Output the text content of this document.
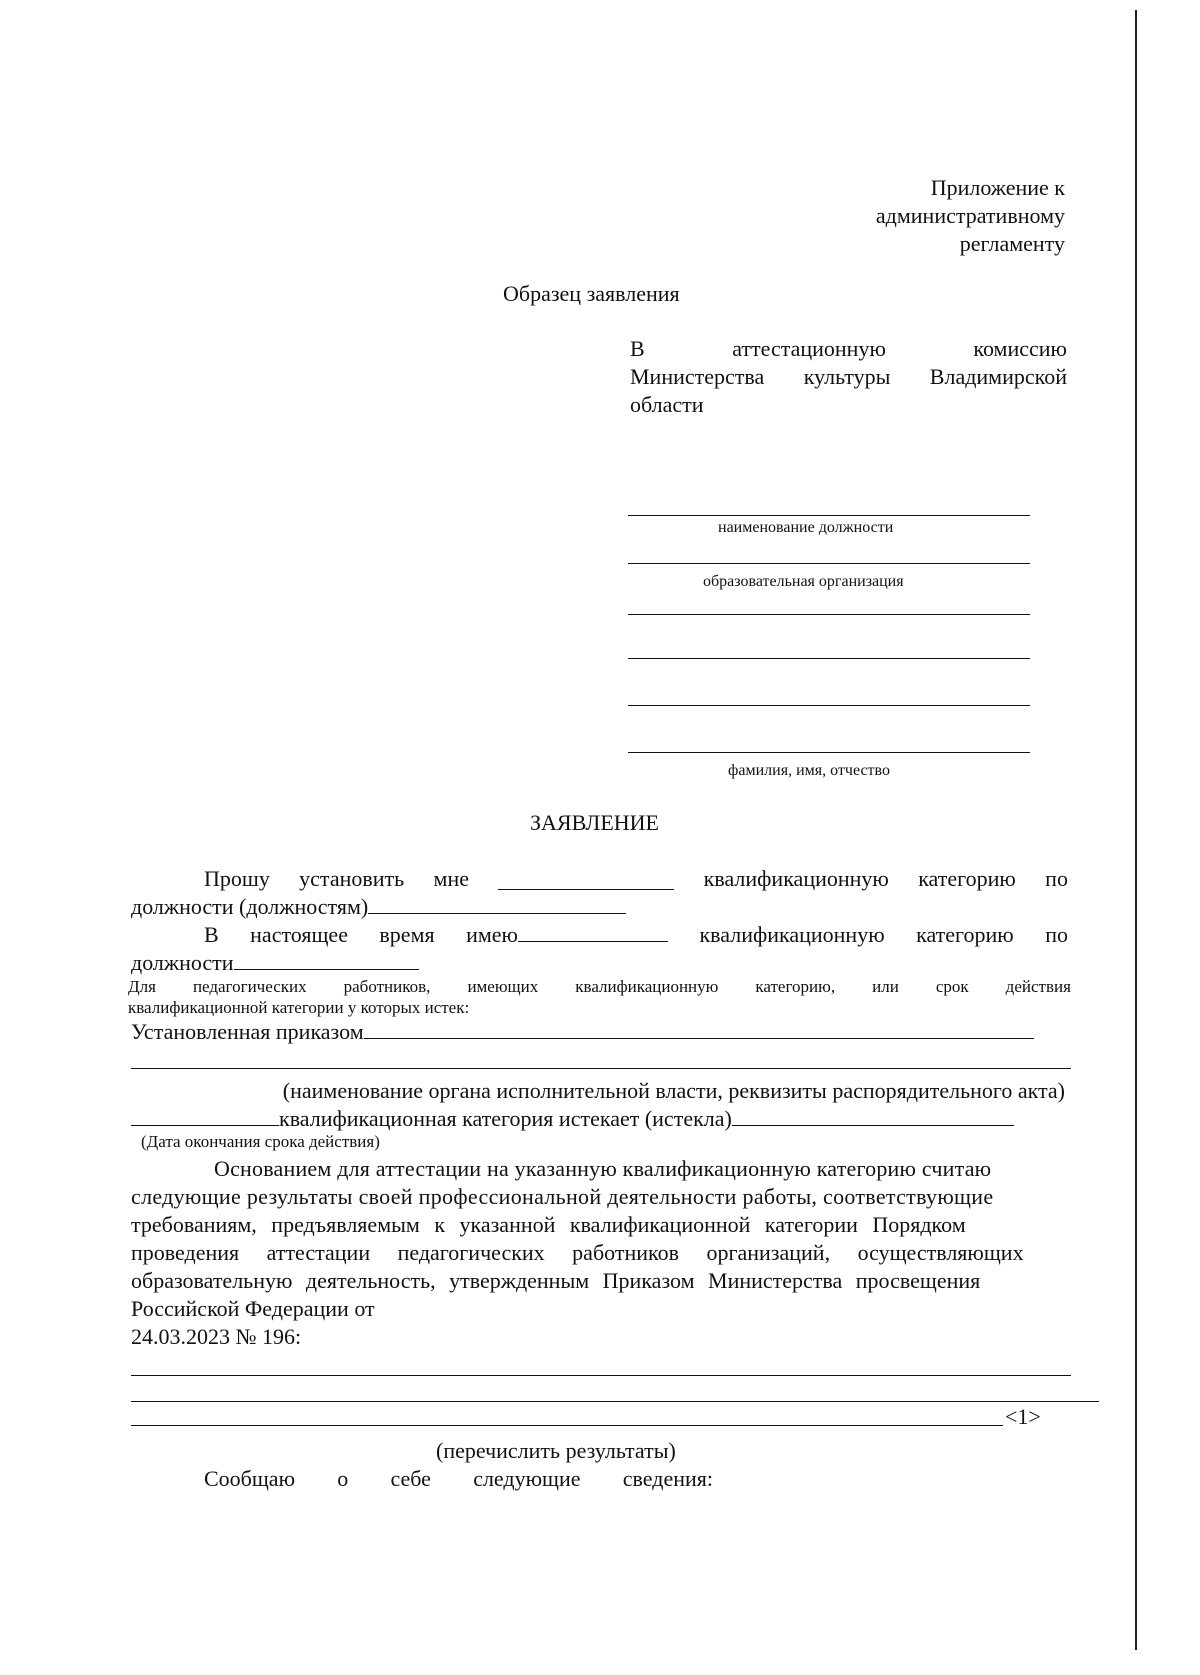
Приложение к
административному
регламенту
Образец заявления
В	аттестационную	комиссию
Министерства культуры Владимирской
области
наименование должности
образовательная организация
фамилия, имя, отчество
ЗАЯВЛЕНИЕ
Прошу установить мне	квалификационную категорию по
должности (должностям)
В настоящее время имею	квалификационную категорию по
должности
Для педагогических работников, имеющих квалификационную категорию, или срок действия
квалификационной категории у которых истек:
Установленная приказом
(наименование органа исполнительной власти, реквизиты распорядительного акта)
квалификационная категория истекает (истекла)
(Дата окончания срока действия)
Основанием для аттестации на указанную квалификационную категорию считаю
следующие результаты своей профессиональной деятельности работы, соответствующие
требованиям, предъявляемым к указанной квалификационной категории Порядком
проведения аттестации педагогических работников организаций, осуществляющих
образовательную деятельность, утвержденным Приказом Министерства просвещения
Российской Федерации от
24.03.2023 № 196:
<1>
(перечислить результаты)
Сообщаю о себе следующие сведения:
